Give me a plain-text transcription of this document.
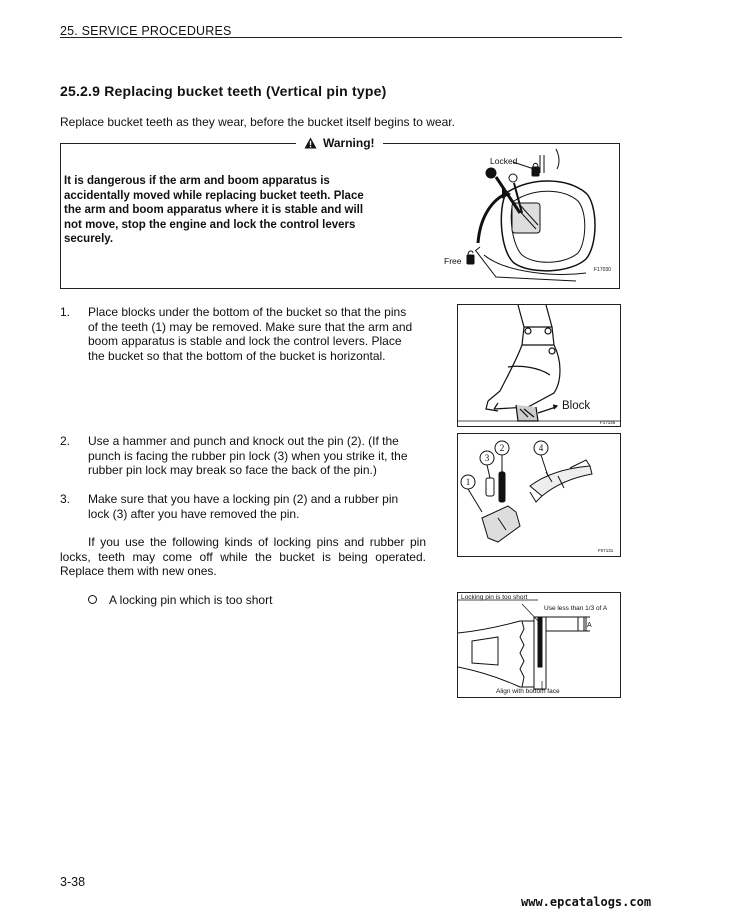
25. SERVICE PROCEDURES
25.2.9 Replacing bucket teeth (Vertical pin type)
Replace bucket teeth as they wear, before the bucket itself begins to wear.
Warning!
It is dangerous if the arm and boom apparatus is
accidentally moved while replacing bucket teeth. Place
the arm and boom apparatus where it is stable and will
not move, stop the engine and lock the control levers
securely.
Locked
Free
F17030
1. Place blocks under the bottom of the bucket so that the pins
of the teeth (1) may be removed. Make sure that the arm and
boom apparatus is stable and lock the control levers. Place
the bucket so that the bottom of the bucket is horizontal.
Block
F17146
2. Use a hammer and punch and knock out the pin (2). (If the
punch is facing the rubber pin lock (3) when you strike it, the
rubber pin lock may break so face the back of the pin.)
2
3
1
4
F07131
3. Make sure that you have a locking pin (2) and a rubber pin
lock (3) after you have removed the pin.
If you use the following kinds of locking pins and rubber pin locks, teeth may come off while the bucket is being operated. Replace them with new ones.
A locking pin which is too short	Locking pin is too short
Use less than 1/3 of A
A
Align with bottom face
3-38
www.epcatalogs.com
